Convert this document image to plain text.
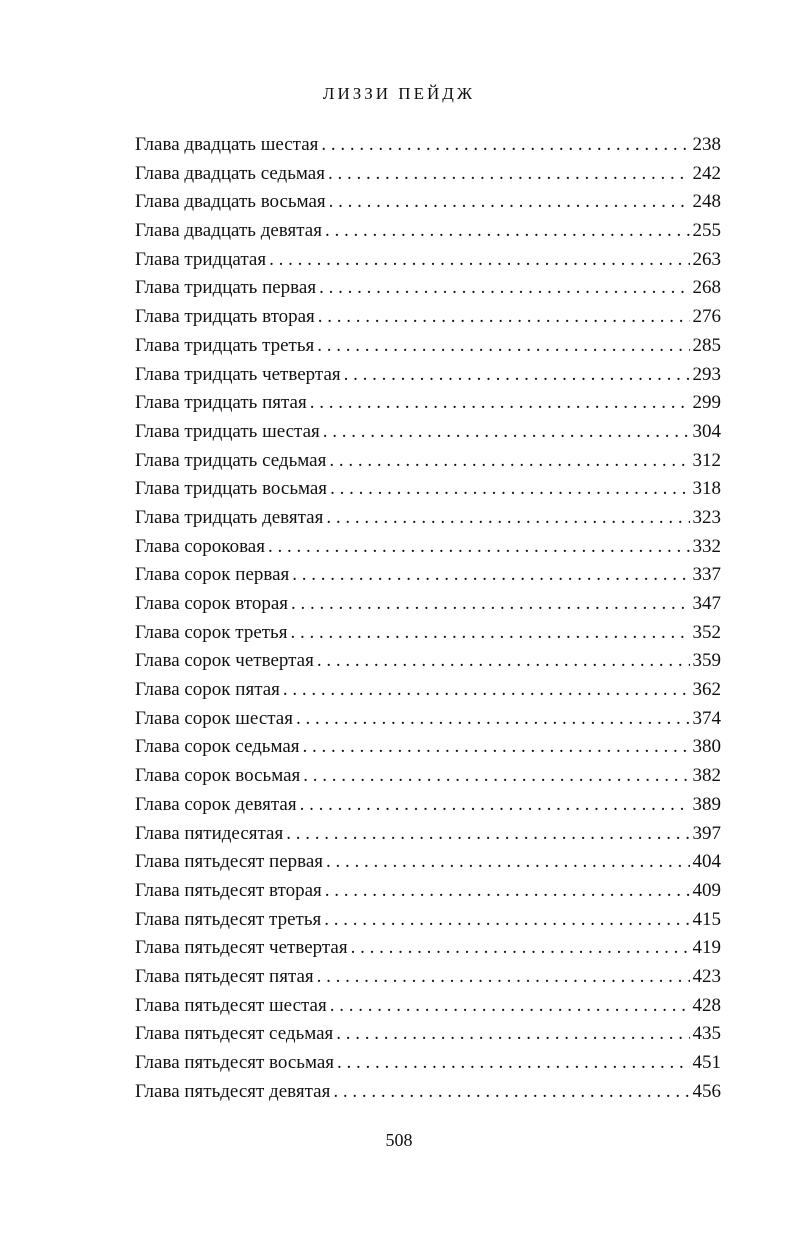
ЛИЗЗИ ПЕЙДЖ
Глава двадцать шестая . . .	238
Глава двадцать седьмая . . .	242
Глава двадцать восьмая . . .	248
Глава двадцать девятая . . .	255
Глава тридцатая . . .	263
Глава тридцать первая . . .	268
Глава тридцать вторая . . .	276
Глава тридцать третья . . .	285
Глава тридцать четвертая . . .	293
Глава тридцать пятая . . .	299
Глава тридцать шестая . . .	304
Глава тридцать седьмая . . .	312
Глава тридцать восьмая . . .	318
Глава тридцать девятая . . .	323
Глава сороковая . . .	332
Глава сорок первая . . .	337
Глава сорок вторая . . .	347
Глава сорок третья . . .	352
Глава сорок четвертая . . .	359
Глава сорок пятая . . .	362
Глава сорок шестая . . .	374
Глава сорок седьмая . . .	380
Глава сорок восьмая . . .	382
Глава сорок девятая . . .	389
Глава пятидесятая . . .	397
Глава пятьдесят первая . . .	404
Глава пятьдесят вторая . . .	409
Глава пятьдесят третья . . .	415
Глава пятьдесят четвертая . . .	419
Глава пятьдесят пятая . . .	423
Глава пятьдесят шестая . . .	428
Глава пятьдесят седьмая . . .	435
Глава пятьдесят восьмая . . .	451
Глава пятьдесят девятая . . .	456
508
